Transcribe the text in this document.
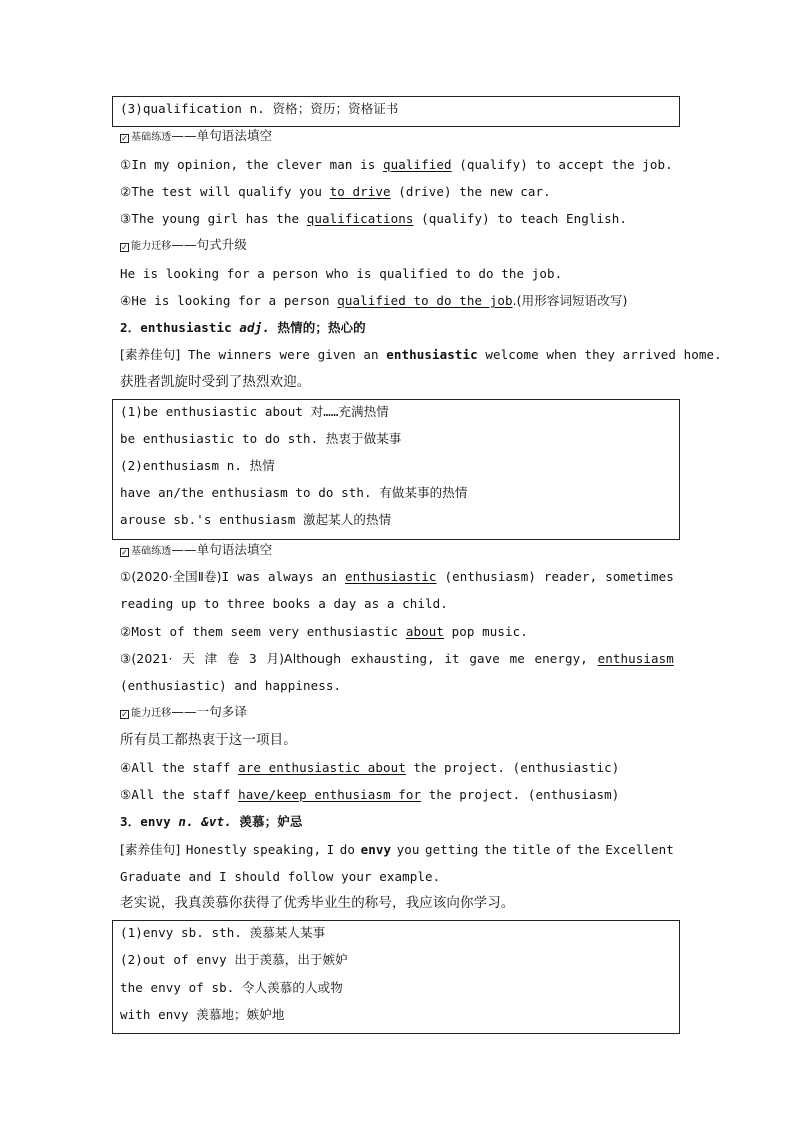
(3)qualification n. 资格；资历；资格证书
✓ 基础练透——单句语法填空
①In my opinion, the clever man is qualified (qualify) to accept the job.
②The test will qualify you to drive (drive) the new car.
③The young girl has the qualifications (qualify) to teach English.
✓ 能力迁移——句式升级
He is looking for a person who is qualified to do the job.
④He is looking for a person qualified to do the job.(用形容词短语改写)
2．enthusiastic adj. 热情的；热心的
[素养佳句] The winners were given an enthusiastic welcome when they arrived home.
获胜者凯旋时受到了热烈欢迎。
(1)be enthusiastic about 对……充满热情
be enthusiastic to do sth. 热衷于做某事
(2)enthusiasm n. 热情
have an/the enthusiasm to do sth. 有做某事的热情
arouse sb.'s enthusiasm 激起某人的热情
✓ 基础练透——单句语法填空
①(2020·全国Ⅱ卷)I was always an enthusiastic (enthusiasm) reader, sometimes
reading up to three books a day as a child.
②Most of them seem very enthusiastic about pop music.
③(2021· 天 津 卷 3 月)Although exhausting, it gave me energy, enthusiasm
(enthusiastic) and happiness.
✓ 能力迁移——一句多译
所有员工都热衷于这一项目。
④All the staff are enthusiastic about the project. (enthusiastic)
⑤All the staff have/keep enthusiasm for the project. (enthusiasm)
3．envy n. &vt. 羡慕；妒忌
[素养佳句] Honestly speaking, I do envy you getting the title of the Excellent
Graduate and I should follow your example.
老实说，我真羡慕你获得了优秀毕业生的称号，我应该向你学习。
(1)envy sb. sth. 羡慕某人某事
(2)out of envy 出于羡慕，出于嫉妒
the envy of sb. 令人羡慕的人或物
with envy 羡慕地；嫉妒地
